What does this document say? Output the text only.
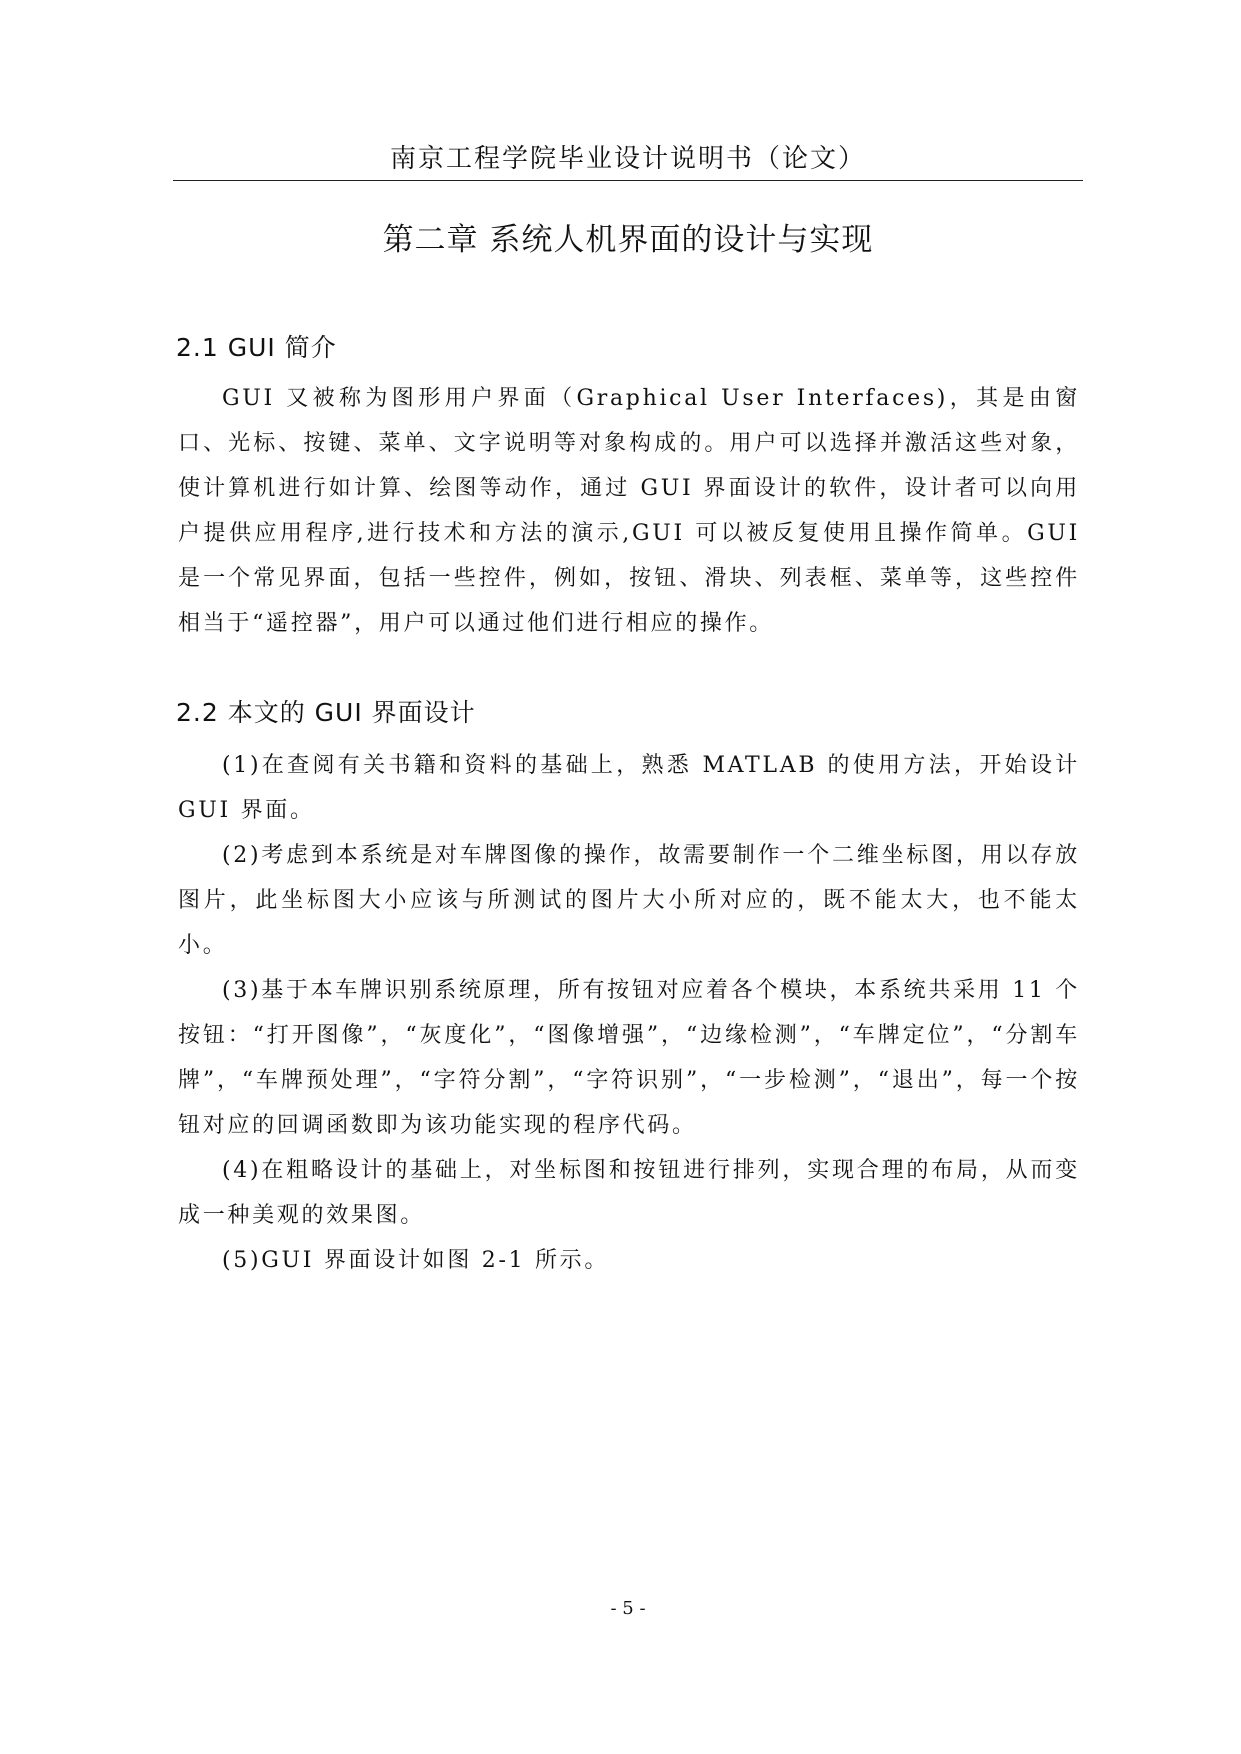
南京工程学院毕业设计说明书（论文）
第二章 系统人机界面的设计与实现
2.1 GUI 简介

GUI 又被称为图形用户界面（Graphical User Interfaces)，其是由窗口、光标、按键、菜单、文字说明等对象构成的。用户可以选择并激活这些对象，使计算机进行如计算、绘图等动作，通过 GUI 界面设计的软件，设计者可以向用户提供应用程序,进行技术和方法的演示,GUI 可以被反复使用且操作简单。GUI 是一个常见界面，包括一些控件，例如，按钮、滑块、列表框、菜单等，这些控件相当于“遥控器”，用户可以通过他们进行相应的操作。

2.2 本文的 GUI 界面设计

(1)在查阅有关书籍和资料的基础上，熟悉 MATLAB 的使用方法，开始设计 GUI 界面。

(2)考虑到本系统是对车牌图像的操作，故需要制作一个二维坐标图，用以存放图片，此坐标图大小应该与所测试的图片大小所对应的，既不能太大，也不能太小。

(3)基于本车牌识别系统原理，所有按钮对应着各个模块，本系统共采用 11 个按钮：“打开图像”，“灰度化”，“图像增强”，“边缘检测”，“车牌定位”，“分割车牌”，“车牌预处理”，“字符分割”，“字符识别”，“一步检测”，“退出”，每一个按钮对应的回调函数即为该功能实现的程序代码。

(4)在粗略设计的基础上，对坐标图和按钮进行排列，实现合理的布局，从而变成一种美观的效果图。

(5)GUI 界面设计如图 2-1 所示。

- 5 -
